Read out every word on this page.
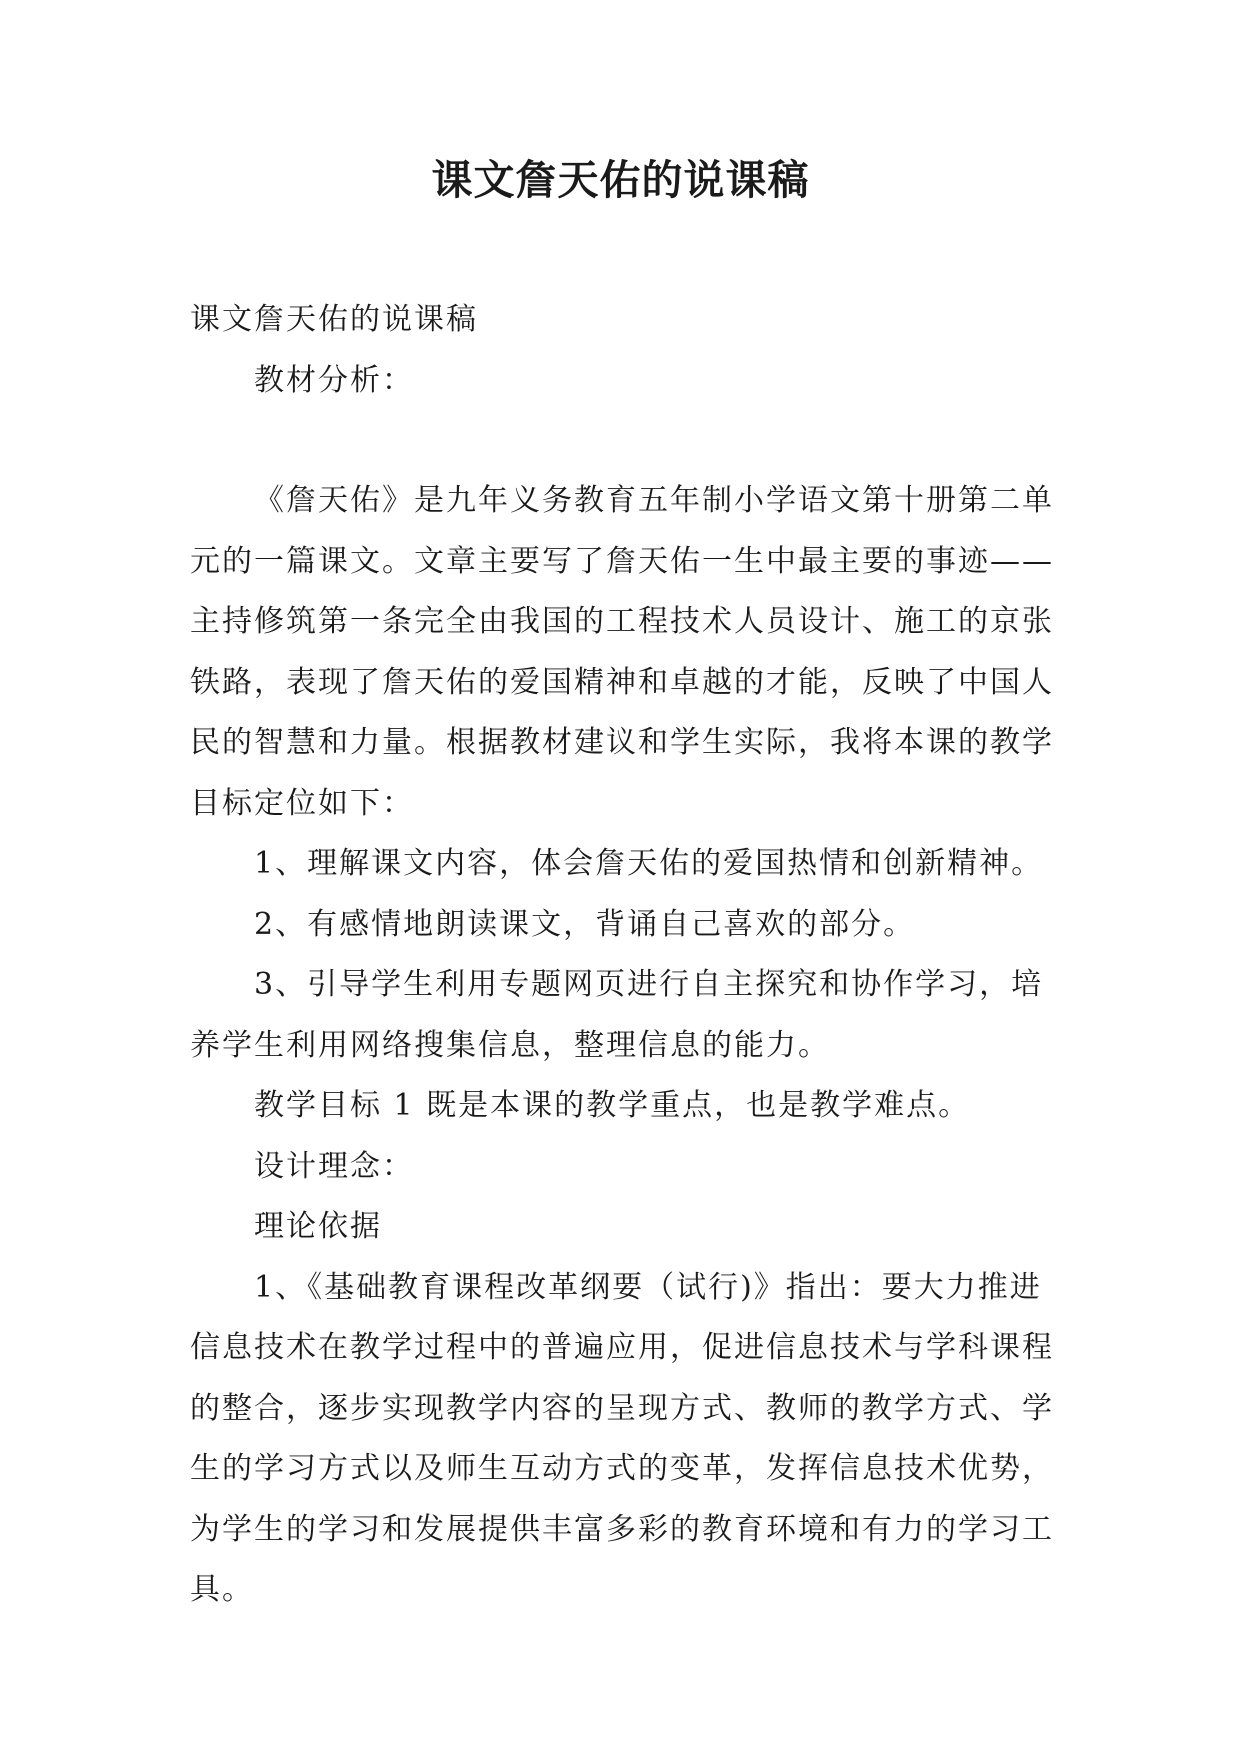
课文詹天佑的说课稿

课文詹天佑的说课稿

教材分析：

《詹天佑》是九年义务教育五年制小学语文第十册第二单元的一篇课文。文章主要写了詹天佑一生中最主要的事迹——主持修筑第一条完全由我国的工程技术人员设计、施工的京张铁路，表现了詹天佑的爱国精神和卓越的才能，反映了中国人民的智慧和力量。根据教材建议和学生实际，我将本课的教学目标定位如下：

1、理解课文内容，体会詹天佑的爱国热情和创新精神。

2、有感情地朗读课文，背诵自己喜欢的部分。

3、引导学生利用专题网页进行自主探究和协作学习，培养学生利用网络搜集信息，整理信息的能力。

教学目标 1 既是本课的教学重点，也是教学难点。

设计理念：

理论依据

1、《基础教育课程改革纲要（试行)》指出：要大力推进信息技术在教学过程中的普遍应用，促进信息技术与学科课程的整合，逐步实现教学内容的呈现方式、教师的教学方式、学生的学习方式以及师生互动方式的变革，发挥信息技术优势，为学生的学习和发展提供丰富多彩的教育环境和有力的学习工具。
